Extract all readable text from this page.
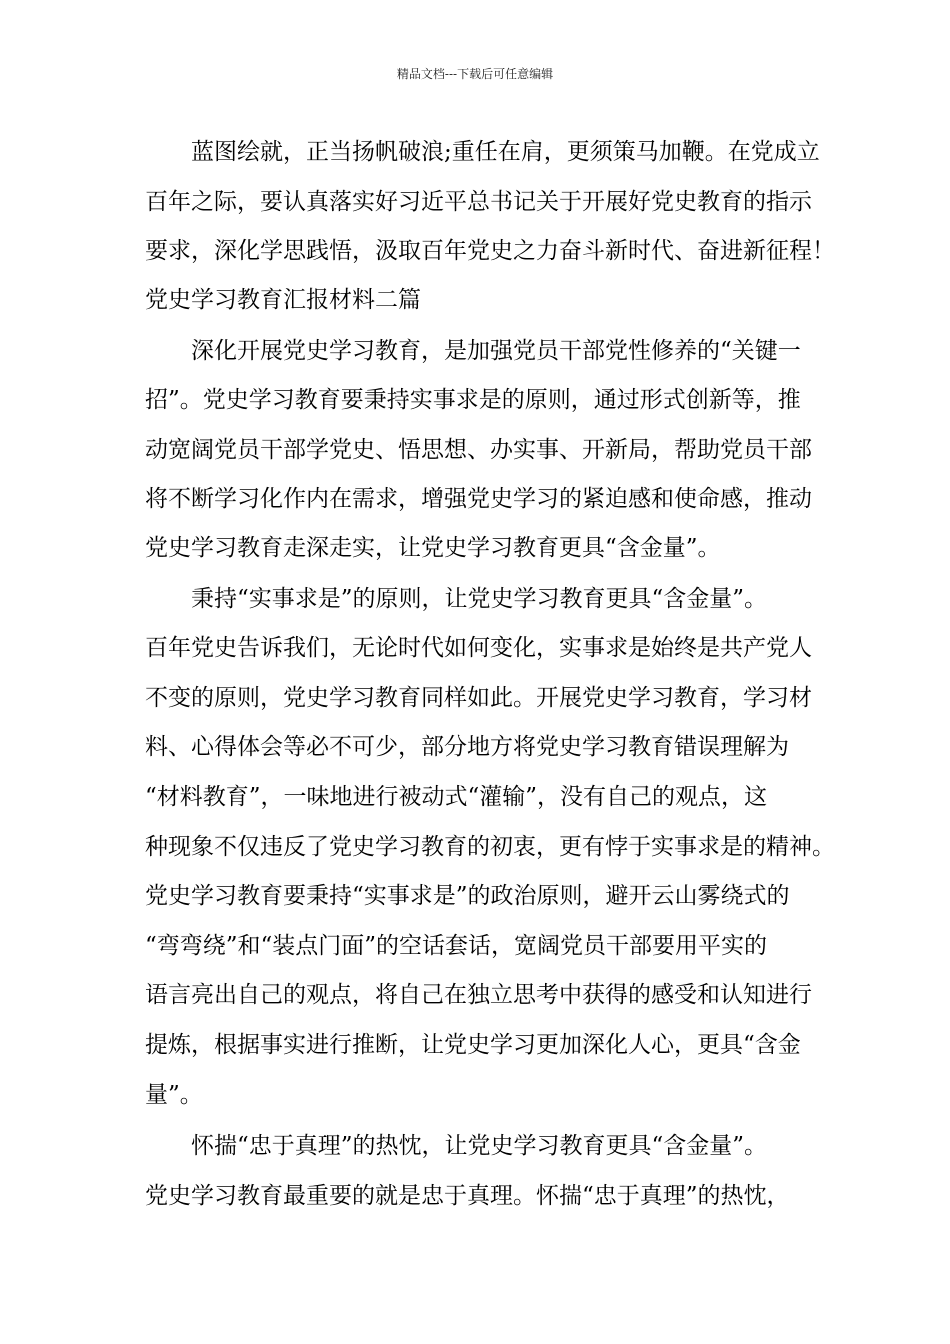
精品文档---下载后可任意编辑
　　蓝图绘就，正当扬帆破浪;重任在肩，更须策马加鞭。在党成立
百年之际，要认真落实好习近平总书记关于开展好党史教育的指示
要求，深化学思践悟，汲取百年党史之力奋斗新时代、奋进新征程！
党史学习教育汇报材料二篇
　　深化开展党史学习教育，是加强党员干部党性修养的“关键一
招”。党史学习教育要秉持实事求是的原则，通过形式创新等，推
动宽阔党员干部学党史、悟思想、办实事、开新局，帮助党员干部
将不断学习化作内在需求，增强党史学习的紧迫感和使命感，推动
党史学习教育走深走实，让党史学习教育更具“含金量”。
　　秉持“实事求是”的原则，让党史学习教育更具“含金量”。
百年党史告诉我们，无论时代如何变化，实事求是始终是共产党人
不变的原则，党史学习教育同样如此。开展党史学习教育，学习材
料、心得体会等必不可少，部分地方将党史学习教育错误理解为
“材料教育”，一味地进行被动式“灌输”，没有自己的观点，这
种现象不仅违反了党史学习教育的初衷，更有悖于实事求是的精神。
党史学习教育要秉持“实事求是”的政治原则，避开云山雾绕式的
“弯弯绕”和“装点门面”的空话套话，宽阔党员干部要用平实的
语言亮出自己的观点，将自己在独立思考中获得的感受和认知进行
提炼，根据事实进行推断，让党史学习更加深化人心，更具“含金
量”。
　　怀揣“忠于真理”的热忱，让党史学习教育更具“含金量”。
党史学习教育最重要的就是忠于真理。怀揣“忠于真理”的热忱，
